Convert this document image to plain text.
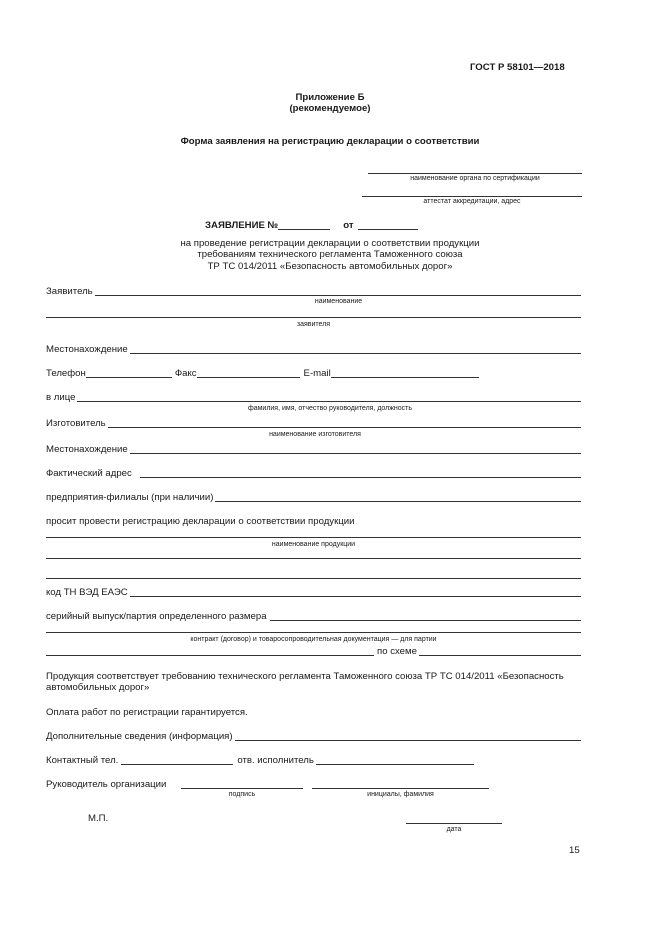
ГОСТ Р 58101—2018
Приложение Б
(рекомендуемое)
Форма заявления на регистрацию декларации о соответствии
наименование органа по сертификации
аттестат аккредитации, адрес
ЗАЯВЛЕНИЕ №	от
на проведение регистрации декларации о соответствии продукции
требованиям технического регламента Таможенного союза
ТР ТС 014/2011 «Безопасность автомобильных дорог»
Заявитель
наименование
заявителя
Местонахождение
Телефон	Факс	E-mail
в лице
фамилия, имя, отчество руководителя, должность
Изготовитель
наименование изготовителя
Местонахождение
Фактический адрес
предприятия-филиалы (при наличии)
просит провести регистрацию декларации о соответствии продукции
наименование продукции
код ТН ВЭД ЕАЭС
серийный выпуск/партия определенного размера
контракт (договор) и товаросопроводительная документация — для партии
по схеме
Продукция соответствует требованию технического регламента Таможенного союза ТР ТС 014/2011 «Безопасность
автомобильных дорог»
Оплата работ по регистрации гарантируется.
Дополнительные сведения (информация)
Контактный тел.	отв. исполнитель
Руководитель организации
подпись	инициалы, фамилия
М.П.
дата
15
